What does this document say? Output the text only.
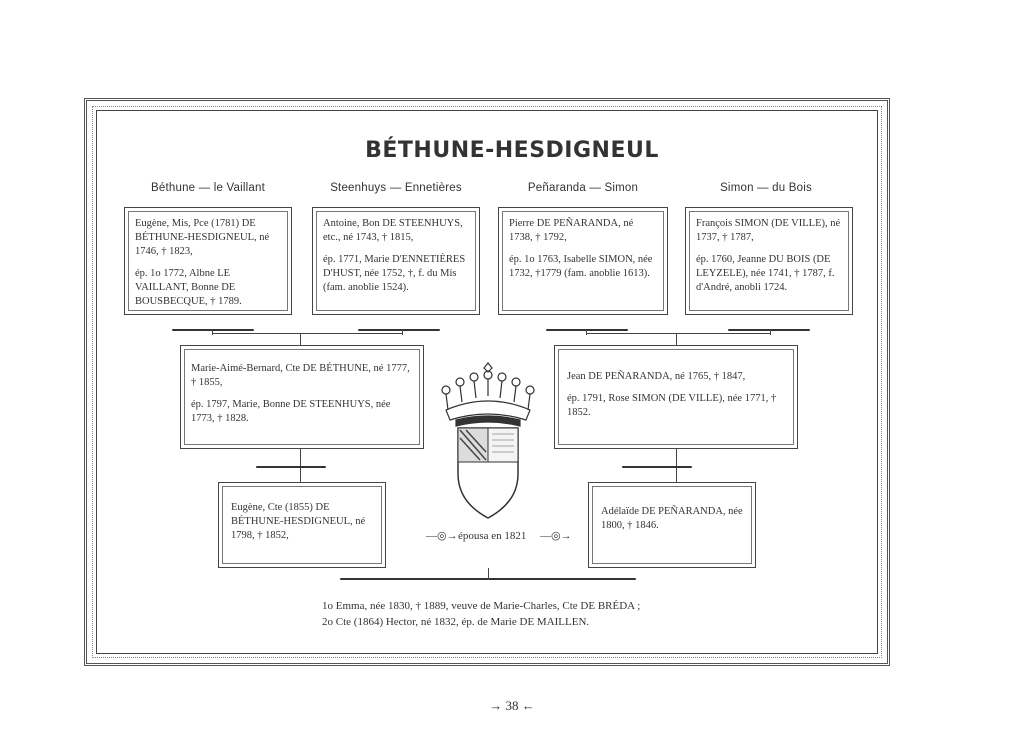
BÉTHUNE-HESDIGNEUL
Béthune — le Vaillant	Steenhuys — Ennetières	Peñaranda — Simon	Simon — du Bois

Eugène, Mis, Pce (1781) DE BÉTHUNE-HESDIGNEUL, né 1746, † 1823,

ép. 1o 1772, Albne LE VAILLANT, Bonne DE BOUSBECQUE, † 1789.

Antoine, Bon DE STEENHUYS, etc., né 1743, † 1815,

ép. 1771, Marie D'ENNETIÈRES D'HUST, née 1752, †, f. du Mis (fam. anoblie 1524).

Pierre DE PEÑARANDA, né 1738, † 1792,

ép. 1o 1763, Isabelle SIMON, née 1732, †1779 (fam. anoblie 1613).

François SIMON (DE VILLE), né 1737, † 1787,

ép. 1760, Jeanne DU BOIS (DE LEYZELE), née 1741, † 1787, f. d'André, anobli 1724.

Marie-Aimé-Bernard, Cte DE BÉTHUNE, né 1777, † 1855,

ép. 1797, Marie, Bonne DE STEENHUYS, née 1773, † 1828.

Jean DE PEÑARANDA, né 1765, † 1847,

ép. 1791, Rose SIMON (DE VILLE), née 1771, † 1852.

Eugène, Cte (1855) DE BÉTHUNE-HESDIGNEUL, né 1798, † 1852,

Adélaïde DE PEÑARANDA, née 1800, † 1846.

—◎→ épousa en 1821 —◎→
1o Emma, née 1830, † 1889, veuve de Marie-Charles, Cte DE BRÉDA ;
2o Cte (1864) Hector, né 1832, ép. de Marie DE MAILLEN.
→ 38 ←
